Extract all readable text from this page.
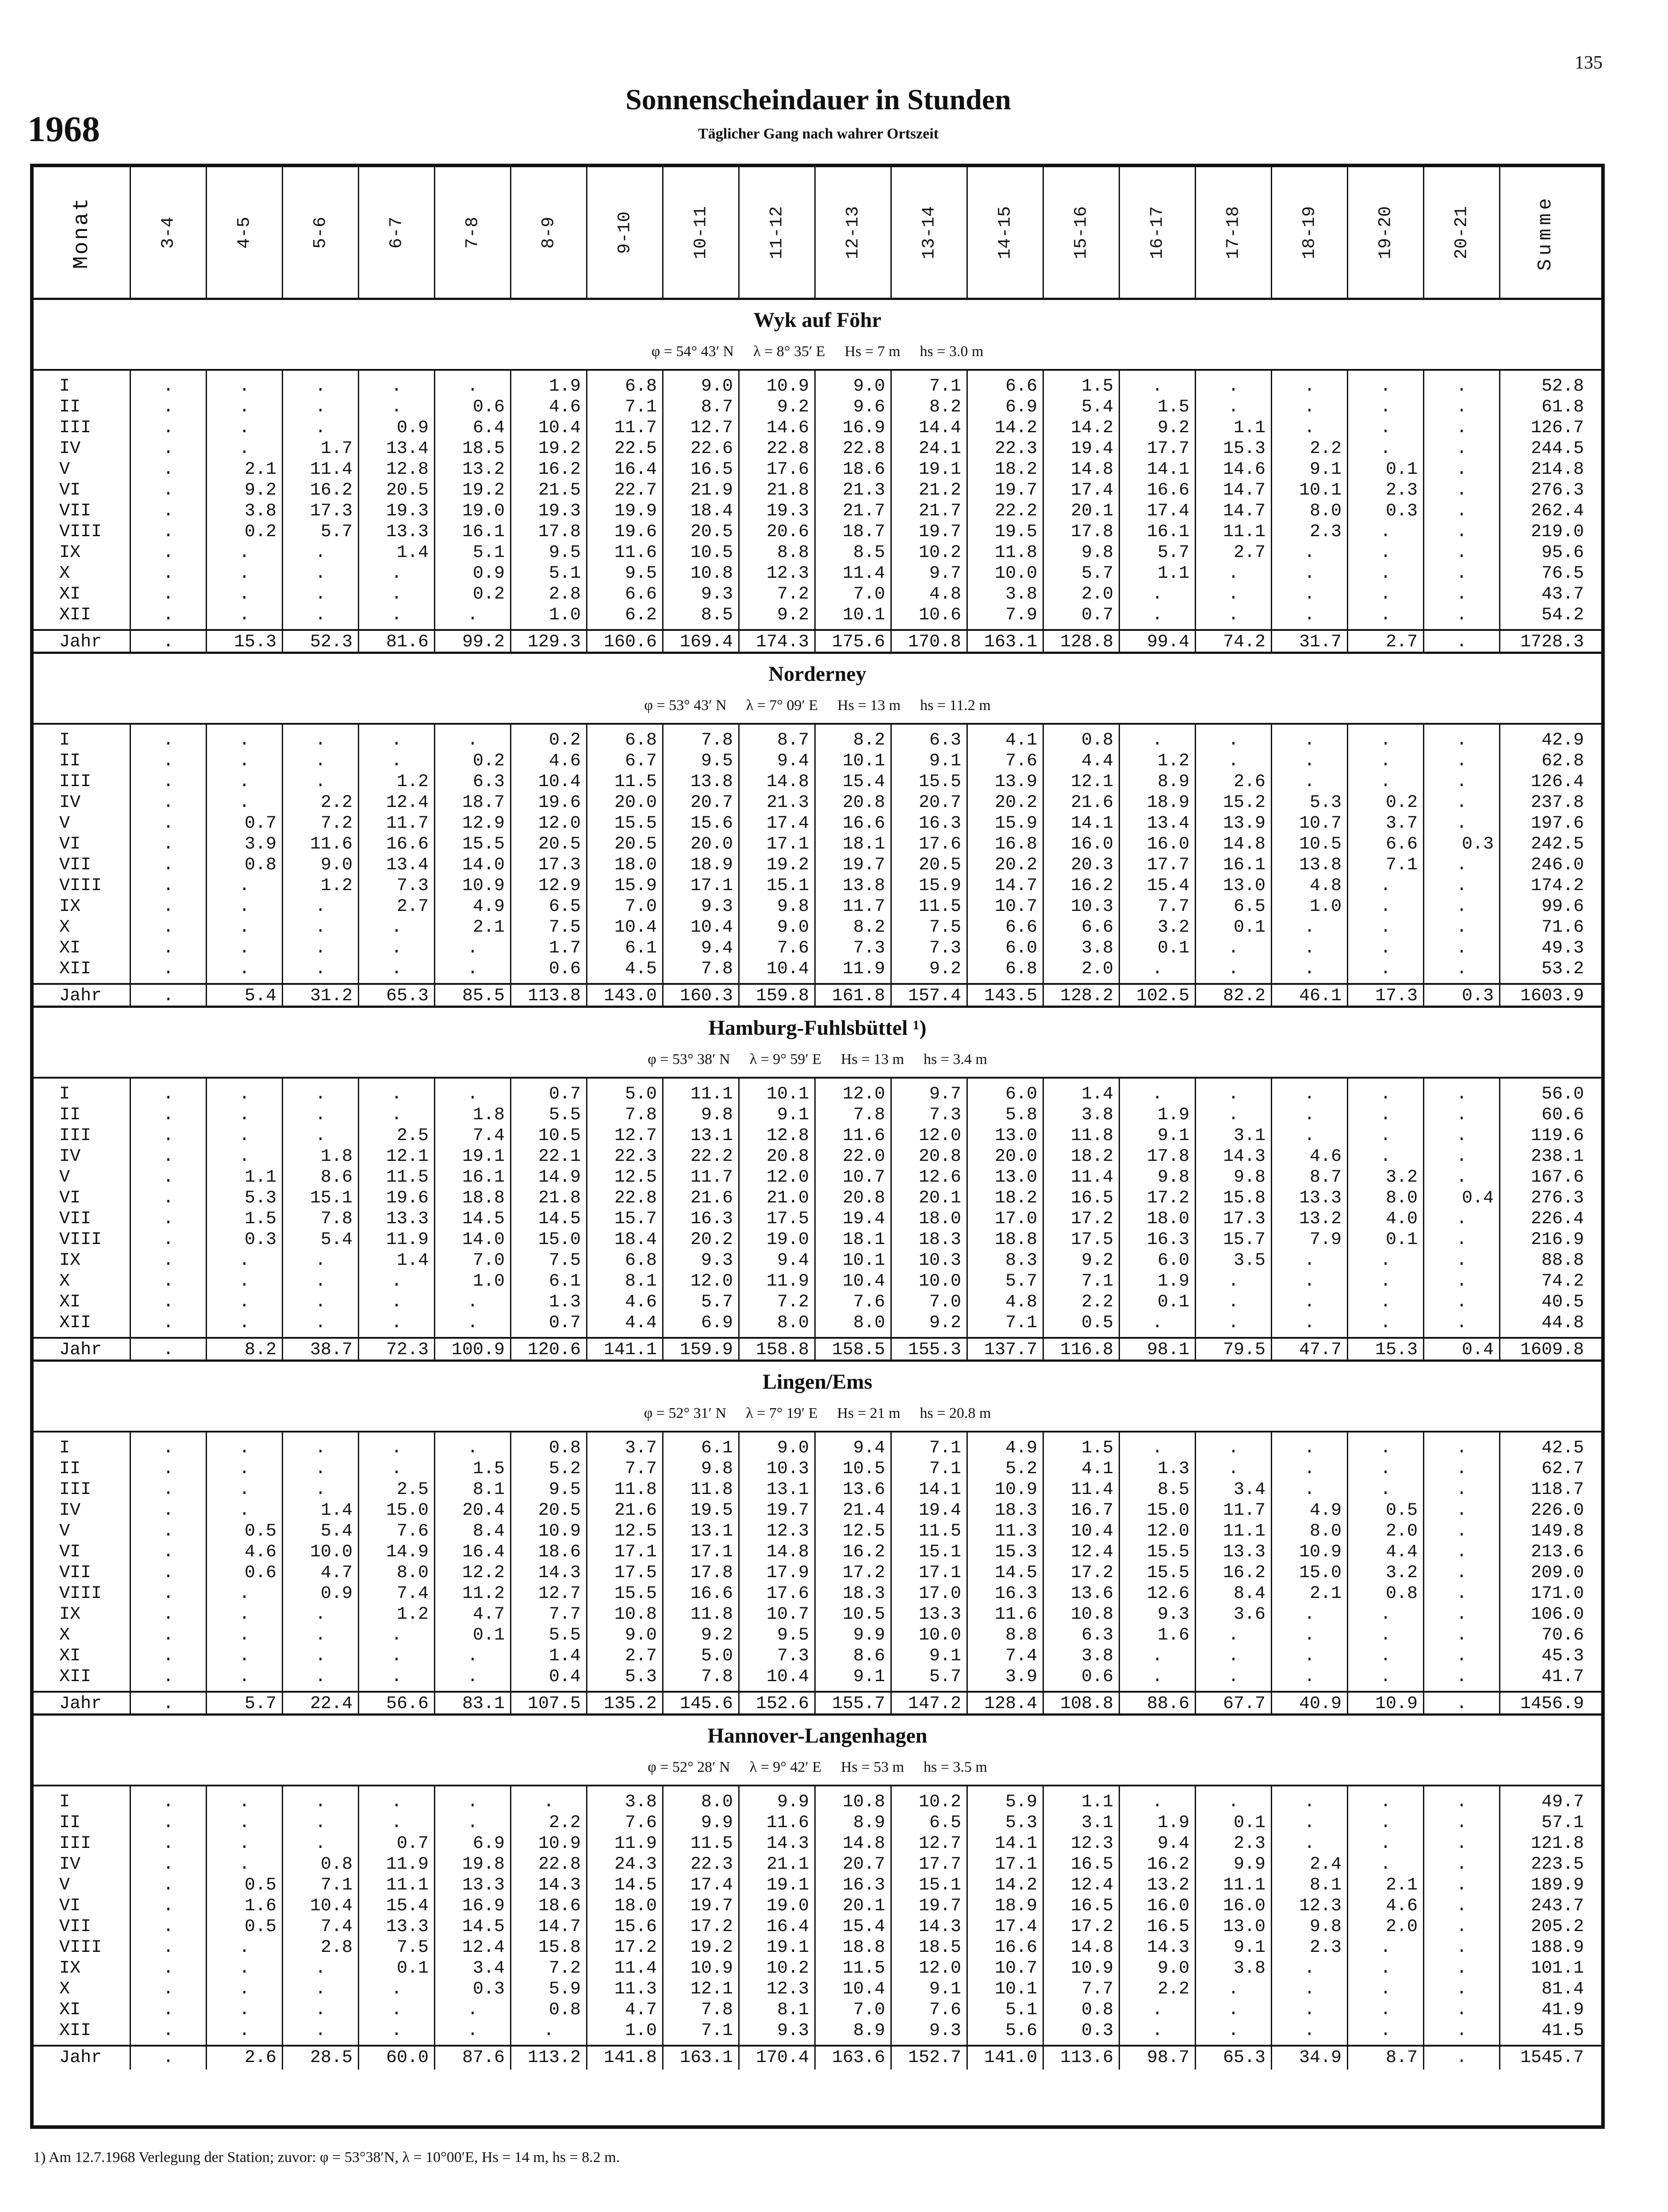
135
1968
Sonnenscheindauer in Stunden
Täglicher Gang nach wahrer Ortszeit
Monat	3-4	4-5	5-6	6-7	7-8	8-9	9-10	10-11	11-12	12-13	13-14	14-15	15-16	16-17	17-18	18-19	19-20	20-21	Summe
Wyk auf Föhr
φ = 54° 43′ N λ = 8° 35′ E Hs = 7 m hs = 3.0 m
I	.	.	.	.	.	1.9	6.8	9.0	10.9	9.0	7.1	6.6	1.5	.	.	.	.	.	52.8
II	.	.	.	.	0.6	4.6	7.1	8.7	9.2	9.6	8.2	6.9	5.4	1.5	.	.	.	.	61.8
III	.	.	.	0.9	6.4	10.4	11.7	12.7	14.6	16.9	14.4	14.2	14.2	9.2	1.1	.	.	.	126.7
IV	.	.	1.7	13.4	18.5	19.2	22.5	22.6	22.8	22.8	24.1	22.3	19.4	17.7	15.3	2.2	.	.	244.5
V	.	2.1	11.4	12.8	13.2	16.2	16.4	16.5	17.6	18.6	19.1	18.2	14.8	14.1	14.6	9.1	0.1	.	214.8
VI	.	9.2	16.2	20.5	19.2	21.5	22.7	21.9	21.8	21.3	21.2	19.7	17.4	16.6	14.7	10.1	2.3	.	276.3
VII	.	3.8	17.3	19.3	19.0	19.3	19.9	18.4	19.3	21.7	21.7	22.2	20.1	17.4	14.7	8.0	0.3	.	262.4
VIII	.	0.2	5.7	13.3	16.1	17.8	19.6	20.5	20.6	18.7	19.7	19.5	17.8	16.1	11.1	2.3	.	.	219.0
IX	.	.	.	1.4	5.1	9.5	11.6	10.5	8.8	8.5	10.2	11.8	9.8	5.7	2.7	.	.	.	95.6
X	.	.	.	.	0.9	5.1	9.5	10.8	12.3	11.4	9.7	10.0	5.7	1.1	.	.	.	.	76.5
XI	.	.	.	.	0.2	2.8	6.6	9.3	7.2	7.0	4.8	3.8	2.0	.	.	.	.	.	43.7
XII	.	.	.	.	.	1.0	6.2	8.5	9.2	10.1	10.6	7.9	0.7	.	.	.	.	.	54.2
Jahr	.	15.3	52.3	81.6	99.2	129.3	160.6	169.4	174.3	175.6	170.8	163.1	128.8	99.4	74.2	31.7	2.7	.	1728.3
Norderney
φ = 53° 43′ N λ = 7° 09′ E Hs = 13 m hs = 11.2 m
I	.	.	.	.	.	0.2	6.8	7.8	8.7	8.2	6.3	4.1	0.8	.	.	.	.	.	42.9
II	.	.	.	.	0.2	4.6	6.7	9.5	9.4	10.1	9.1	7.6	4.4	1.2	.	.	.	.	62.8
III	.	.	.	1.2	6.3	10.4	11.5	13.8	14.8	15.4	15.5	13.9	12.1	8.9	2.6	.	.	.	126.4
IV	.	.	2.2	12.4	18.7	19.6	20.0	20.7	21.3	20.8	20.7	20.2	21.6	18.9	15.2	5.3	0.2	.	237.8
V	.	0.7	7.2	11.7	12.9	12.0	15.5	15.6	17.4	16.6	16.3	15.9	14.1	13.4	13.9	10.7	3.7	.	197.6
VI	.	3.9	11.6	16.6	15.5	20.5	20.5	20.0	17.1	18.1	17.6	16.8	16.0	16.0	14.8	10.5	6.6	0.3	242.5
VII	.	0.8	9.0	13.4	14.0	17.3	18.0	18.9	19.2	19.7	20.5	20.2	20.3	17.7	16.1	13.8	7.1	.	246.0
VIII	.	.	1.2	7.3	10.9	12.9	15.9	17.1	15.1	13.8	15.9	14.7	16.2	15.4	13.0	4.8	.	.	174.2
IX	.	.	.	2.7	4.9	6.5	7.0	9.3	9.8	11.7	11.5	10.7	10.3	7.7	6.5	1.0	.	.	99.6
X	.	.	.	.	2.1	7.5	10.4	10.4	9.0	8.2	7.5	6.6	6.6	3.2	0.1	.	.	.	71.6
XI	.	.	.	.	.	1.7	6.1	9.4	7.6	7.3	7.3	6.0	3.8	0.1	.	.	.	.	49.3
XII	.	.	.	.	.	0.6	4.5	7.8	10.4	11.9	9.2	6.8	2.0	.	.	.	.	.	53.2
Jahr	.	5.4	31.2	65.3	85.5	113.8	143.0	160.3	159.8	161.8	157.4	143.5	128.2	102.5	82.2	46.1	17.3	0.3	1603.9
Hamburg-Fuhlsbüttel ¹)
φ = 53° 38′ N λ = 9° 59′ E Hs = 13 m hs = 3.4 m
I	.	.	.	.	.	0.7	5.0	11.1	10.1	12.0	9.7	6.0	1.4	.	.	.	.	.	56.0
II	.	.	.	.	1.8	5.5	7.8	9.8	9.1	7.8	7.3	5.8	3.8	1.9	.	.	.	.	60.6
III	.	.	.	2.5	7.4	10.5	12.7	13.1	12.8	11.6	12.0	13.0	11.8	9.1	3.1	.	.	.	119.6
IV	.	.	1.8	12.1	19.1	22.1	22.3	22.2	20.8	22.0	20.8	20.0	18.2	17.8	14.3	4.6	.	.	238.1
V	.	1.1	8.6	11.5	16.1	14.9	12.5	11.7	12.0	10.7	12.6	13.0	11.4	9.8	9.8	8.7	3.2	.	167.6
VI	.	5.3	15.1	19.6	18.8	21.8	22.8	21.6	21.0	20.8	20.1	18.2	16.5	17.2	15.8	13.3	8.0	0.4	276.3
VII	.	1.5	7.8	13.3	14.5	14.5	15.7	16.3	17.5	19.4	18.0	17.0	17.2	18.0	17.3	13.2	4.0	.	226.4
VIII	.	0.3	5.4	11.9	14.0	15.0	18.4	20.2	19.0	18.1	18.3	18.8	17.5	16.3	15.7	7.9	0.1	.	216.9
IX	.	.	.	1.4	7.0	7.5	6.8	9.3	9.4	10.1	10.3	8.3	9.2	6.0	3.5	.	.	.	88.8
X	.	.	.	.	1.0	6.1	8.1	12.0	11.9	10.4	10.0	5.7	7.1	1.9	.	.	.	.	74.2
XI	.	.	.	.	.	1.3	4.6	5.7	7.2	7.6	7.0	4.8	2.2	0.1	.	.	.	.	40.5
XII	.	.	.	.	.	0.7	4.4	6.9	8.0	8.0	9.2	7.1	0.5	.	.	.	.	.	44.8
Jahr	.	8.2	38.7	72.3	100.9	120.6	141.1	159.9	158.8	158.5	155.3	137.7	116.8	98.1	79.5	47.7	15.3	0.4	1609.8
Lingen/Ems
φ = 52° 31′ N λ = 7° 19′ E Hs = 21 m hs = 20.8 m
I	.	.	.	.	.	0.8	3.7	6.1	9.0	9.4	7.1	4.9	1.5	.	.	.	.	.	42.5
II	.	.	.	.	1.5	5.2	7.7	9.8	10.3	10.5	7.1	5.2	4.1	1.3	.	.	.	.	62.7
III	.	.	.	2.5	8.1	9.5	11.8	11.8	13.1	13.6	14.1	10.9	11.4	8.5	3.4	.	.	.	118.7
IV	.	.	1.4	15.0	20.4	20.5	21.6	19.5	19.7	21.4	19.4	18.3	16.7	15.0	11.7	4.9	0.5	.	226.0
V	.	0.5	5.4	7.6	8.4	10.9	12.5	13.1	12.3	12.5	11.5	11.3	10.4	12.0	11.1	8.0	2.0	.	149.8
VI	.	4.6	10.0	14.9	16.4	18.6	17.1	17.1	14.8	16.2	15.1	15.3	12.4	15.5	13.3	10.9	4.4	.	213.6
VII	.	0.6	4.7	8.0	12.2	14.3	17.5	17.8	17.9	17.2	17.1	14.5	17.2	15.5	16.2	15.0	3.2	.	209.0
VIII	.	.	0.9	7.4	11.2	12.7	15.5	16.6	17.6	18.3	17.0	16.3	13.6	12.6	8.4	2.1	0.8	.	171.0
IX	.	.	.	1.2	4.7	7.7	10.8	11.8	10.7	10.5	13.3	11.6	10.8	9.3	3.6	.	.	.	106.0
X	.	.	.	.	0.1	5.5	9.0	9.2	9.5	9.9	10.0	8.8	6.3	1.6	.	.	.	.	70.6
XI	.	.	.	.	.	1.4	2.7	5.0	7.3	8.6	9.1	7.4	3.8	.	.	.	.	.	45.3
XII	.	.	.	.	.	0.4	5.3	7.8	10.4	9.1	5.7	3.9	0.6	.	.	.	.	.	41.7
Jahr	.	5.7	22.4	56.6	83.1	107.5	135.2	145.6	152.6	155.7	147.2	128.4	108.8	88.6	67.7	40.9	10.9	.	1456.9
Hannover-Langenhagen
φ = 52° 28′ N λ = 9° 42′ E Hs = 53 m hs = 3.5 m
I	.	.	.	.	.	.	3.8	8.0	9.9	10.8	10.2	5.9	1.1	.	.	.	.	.	49.7
II	.	.	.	.	.	2.2	7.6	9.9	11.6	8.9	6.5	5.3	3.1	1.9	0.1	.	.	.	57.1
III	.	.	.	0.7	6.9	10.9	11.9	11.5	14.3	14.8	12.7	14.1	12.3	9.4	2.3	.	.	.	121.8
IV	.	.	0.8	11.9	19.8	22.8	24.3	22.3	21.1	20.7	17.7	17.1	16.5	16.2	9.9	2.4	.	.	223.5
V	.	0.5	7.1	11.1	13.3	14.3	14.5	17.4	19.1	16.3	15.1	14.2	12.4	13.2	11.1	8.1	2.1	.	189.9
VI	.	1.6	10.4	15.4	16.9	18.6	18.0	19.7	19.0	20.1	19.7	18.9	16.5	16.0	16.0	12.3	4.6	.	243.7
VII	.	0.5	7.4	13.3	14.5	14.7	15.6	17.2	16.4	15.4	14.3	17.4	17.2	16.5	13.0	9.8	2.0	.	205.2
VIII	.	.	2.8	7.5	12.4	15.8	17.2	19.2	19.1	18.8	18.5	16.6	14.8	14.3	9.1	2.3	.	.	188.9
IX	.	.	.	0.1	3.4	7.2	11.4	10.9	10.2	11.5	12.0	10.7	10.9	9.0	3.8	.	.	.	101.1
X	.	.	.	.	0.3	5.9	11.3	12.1	12.3	10.4	9.1	10.1	7.7	2.2	.	.	.	.	81.4
XI	.	.	.	.	.	0.8	4.7	7.8	8.1	7.0	7.6	5.1	0.8	.	.	.	.	.	41.9
XII	.	.	.	.	.	.	1.0	7.1	9.3	8.9	9.3	5.6	0.3	.	.	.	.	.	41.5
Jahr	.	2.6	28.5	60.0	87.6	113.2	141.8	163.1	170.4	163.6	152.7	141.0	113.6	98.7	65.3	34.9	8.7	.	1545.7
1) Am 12.7.1968 Verlegung der Station; zuvor: φ = 53°38′N, λ = 10°00′E, Hs = 14 m, hs = 8.2 m.
